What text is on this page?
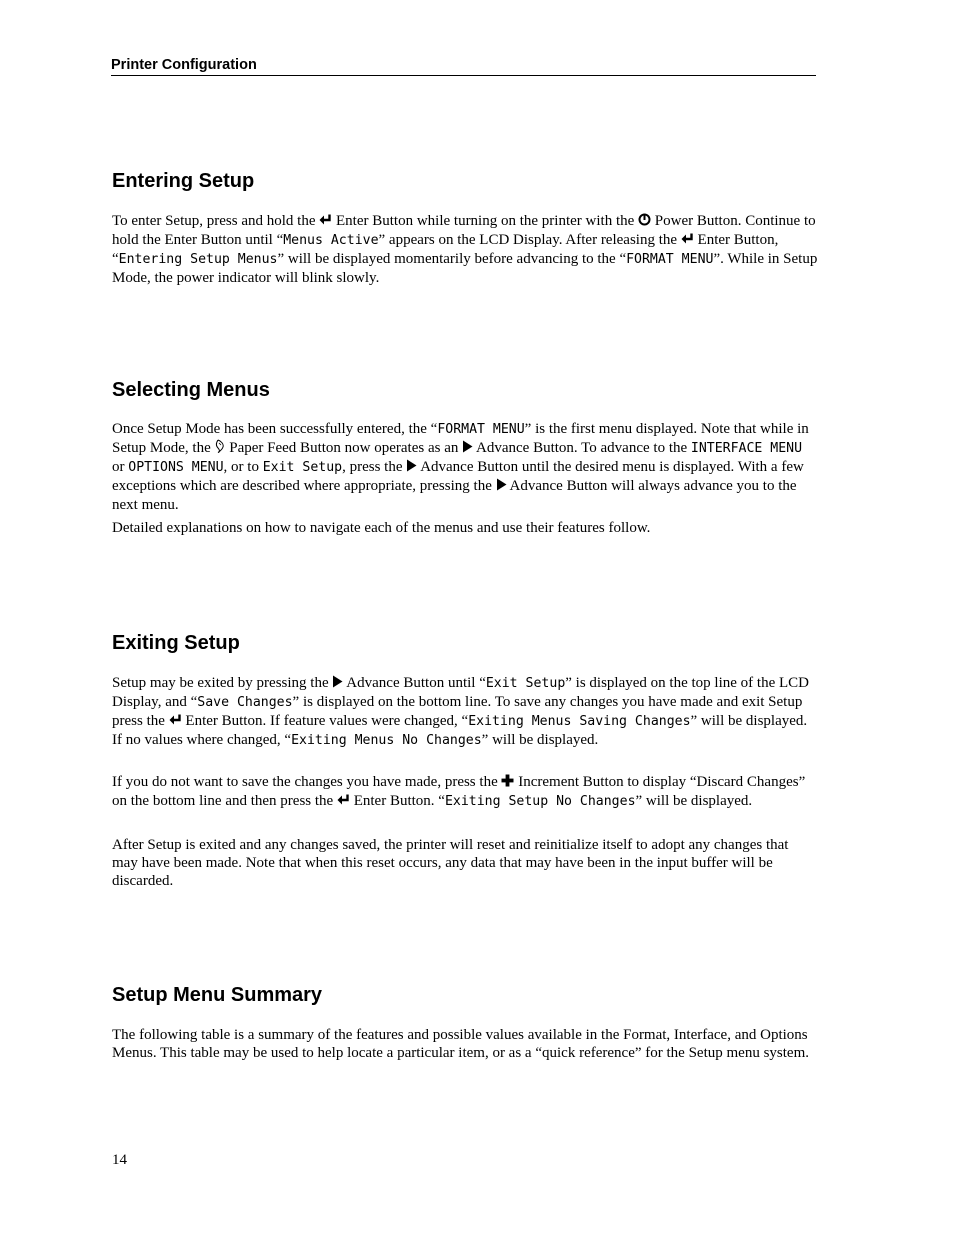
Printer Configuration
Entering Setup

To enter Setup, press and hold the  Enter Button while turning on the printer with the  Power Button. Continue to hold the Enter Button until “Menus Active” appears on the LCD Display. After releasing the  Enter Button, “Entering Setup Menus” will be displayed momentarily before advancing to the “FORMAT MENU”. While in Setup Mode, the power indicator will blink slowly.

Selecting Menus

Once Setup Mode has been successfully entered, the “FORMAT MENU” is the first menu displayed. Note that while in Setup Mode, the  Paper Feed Button now operates as an  Advance Button. To advance to the INTERFACE MENU or OPTIONS MENU, or to Exit Setup, press the  Advance Button until the desired menu is displayed. With a few exceptions which are described where appropriate, pressing the  Advance Button will always advance you to the next menu.

Detailed explanations on how to navigate each of the menus and use their features follow.

Exiting Setup

Setup may be exited by pressing the  Advance Button until “Exit Setup” is displayed on the top line of the LCD Display, and “Save Changes” is displayed on the bottom line. To save any changes you have made and exit Setup press the  Enter Button. If feature values were changed, “Exiting Menus Saving Changes” will be displayed. If no values where changed, “Exiting Menus No Changes” will be displayed.

If you do not want to save the changes you have made, press the  Increment Button to display “Discard Changes” on the bottom line and then press the  Enter Button. “Exiting Setup No Changes” will be displayed.

After Setup is exited and any changes saved, the printer will reset and reinitialize itself to adopt any changes that may have been made. Note that when this reset occurs, any data that may have been in the input buffer will be discarded.

Setup Menu Summary

The following table is a summary of the features and possible values available in the Format, Interface, and Options Menus. This table may be used to help locate a particular item, or as a “quick reference” for the Setup menu system.

14
